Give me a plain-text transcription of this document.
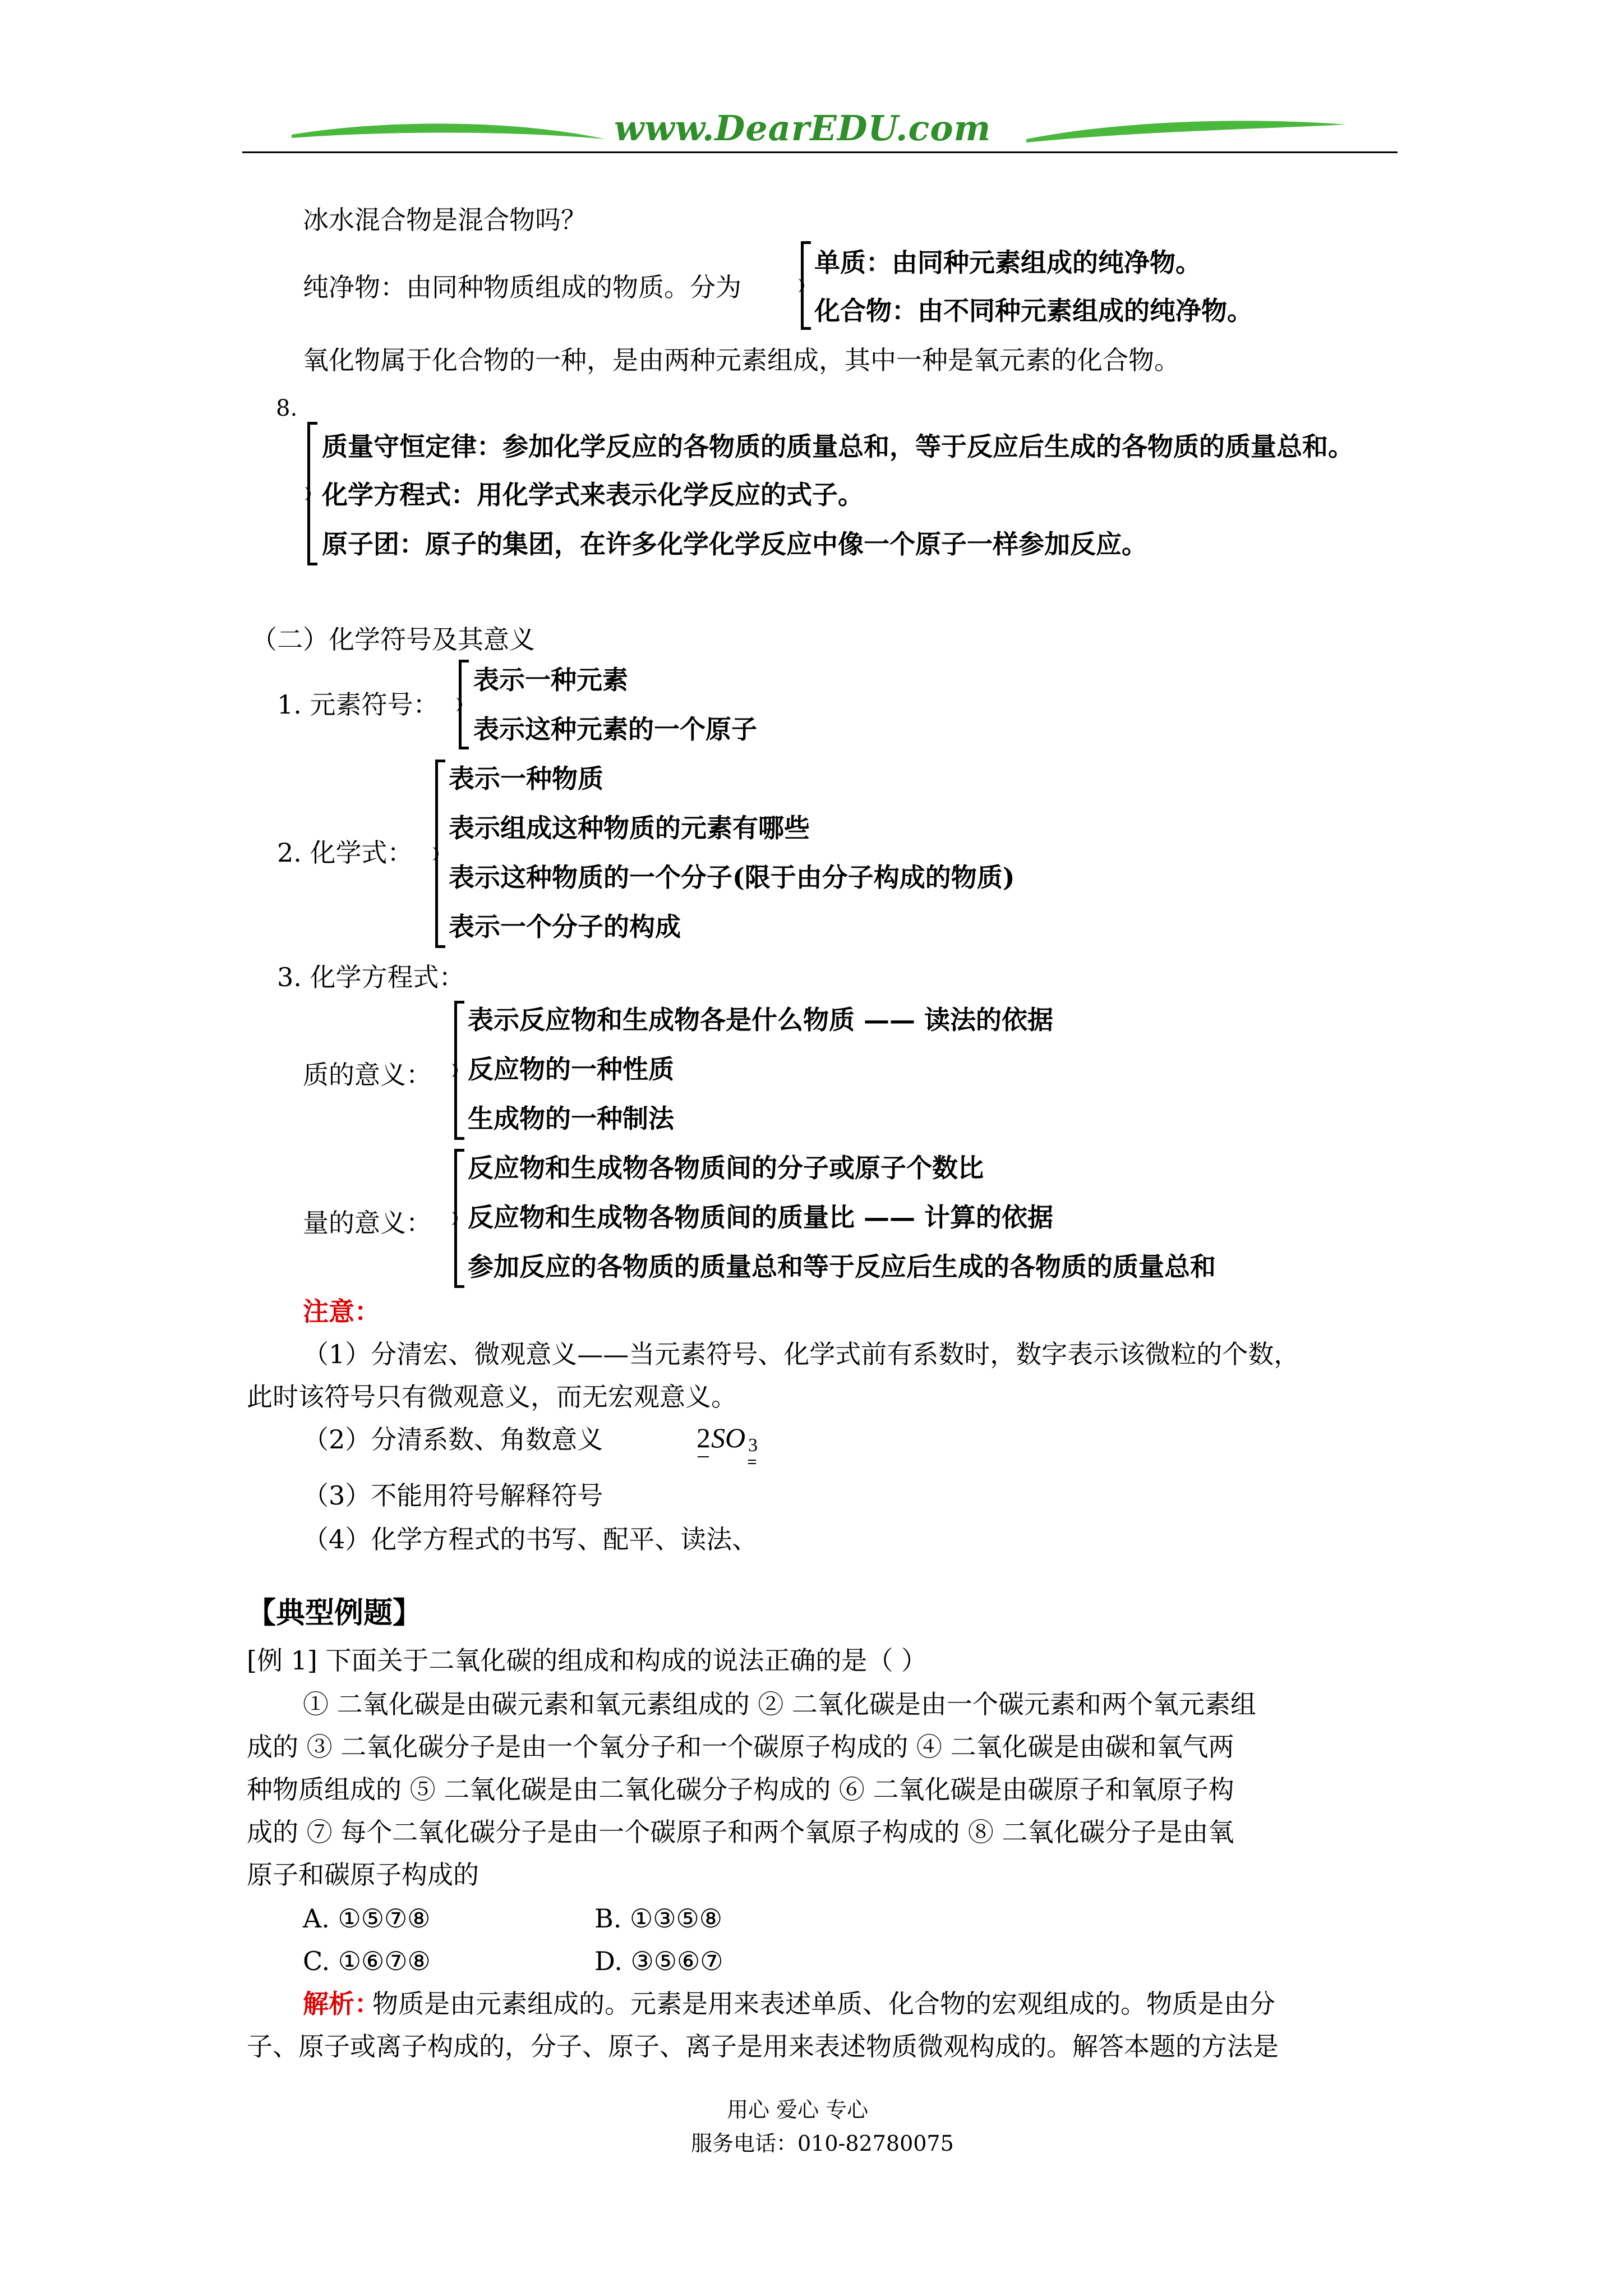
www.DearEDU.com
冰水混合物是混合物吗？
纯净物：由同种物质组成的物质。分为
单质：由同种元素组成的纯净物。
化合物：由不同种元素组成的纯净物。
氧化物属于化合物的一种，是由两种元素组成，其中一种是氧元素的化合物。
8.
质量守恒定律：参加化学反应的各物质的质量总和，等于反应后生成的各物质的质量总和。
化学方程式：用化学式来表示化学反应的式子。
原子团：原子的集团，在许多化学化学反应中像一个原子一样参加反应。
（二）化学符号及其意义
1. 元素符号：
表示一种元素
表示这种元素的一个原子
2. 化学式：
表示一种物质
表示组成这种物质的元素有哪些
表示这种物质的一个分子(限于由分子构成的物质)
表示一个分子的构成
3. 化学方程式：
质的意义：
表示反应物和生成物各是什么物质 —— 读法的依据
反应物的一种性质
生成物的一种制法
量的意义：
反应物和生成物各物质间的分子或原子个数比
反应物和生成物各物质间的质量比 —— 计算的依据
参加反应的各物质的质量总和等于反应后生成的各物质的质量总和
注意：
（1）分清宏、微观意义——当元素符号、化学式前有系数时，数字表示该微粒的个数，
此时该符号只有微观意义，而无宏观意义。
（2）分清系数、角数意义	2 SO 3
（3）不能用符号解释符号
（4）化学方程式的书写、配平、读法、
【典型例题】
[例 1] 下面关于二氧化碳的组成和构成的说法正确的是（ ）
① 二氧化碳是由碳元素和氧元素组成的 ② 二氧化碳是由一个碳元素和两个氧元素组
成的 ③ 二氧化碳分子是由一个氧分子和一个碳原子构成的 ④ 二氧化碳是由碳和氧气两
种物质组成的 ⑤ 二氧化碳是由二氧化碳分子构成的 ⑥ 二氧化碳是由碳原子和氧原子构
成的 ⑦ 每个二氧化碳分子是由一个碳原子和两个氧原子构成的 ⑧ 二氧化碳分子是由氧
原子和碳原子构成的
A. ①⑤⑦⑧	B. ①③⑤⑧
C. ①⑥⑦⑧	D. ③⑤⑥⑦
解析：
物质是由元素组成的。元素是用来表述单质、化合物的宏观组成的。物质是由分
子、原子或离子构成的，分子、原子、离子是用来表述物质微观构成的。解答本题的方法是
用心 爱心 专心
服务电话：010-82780075
